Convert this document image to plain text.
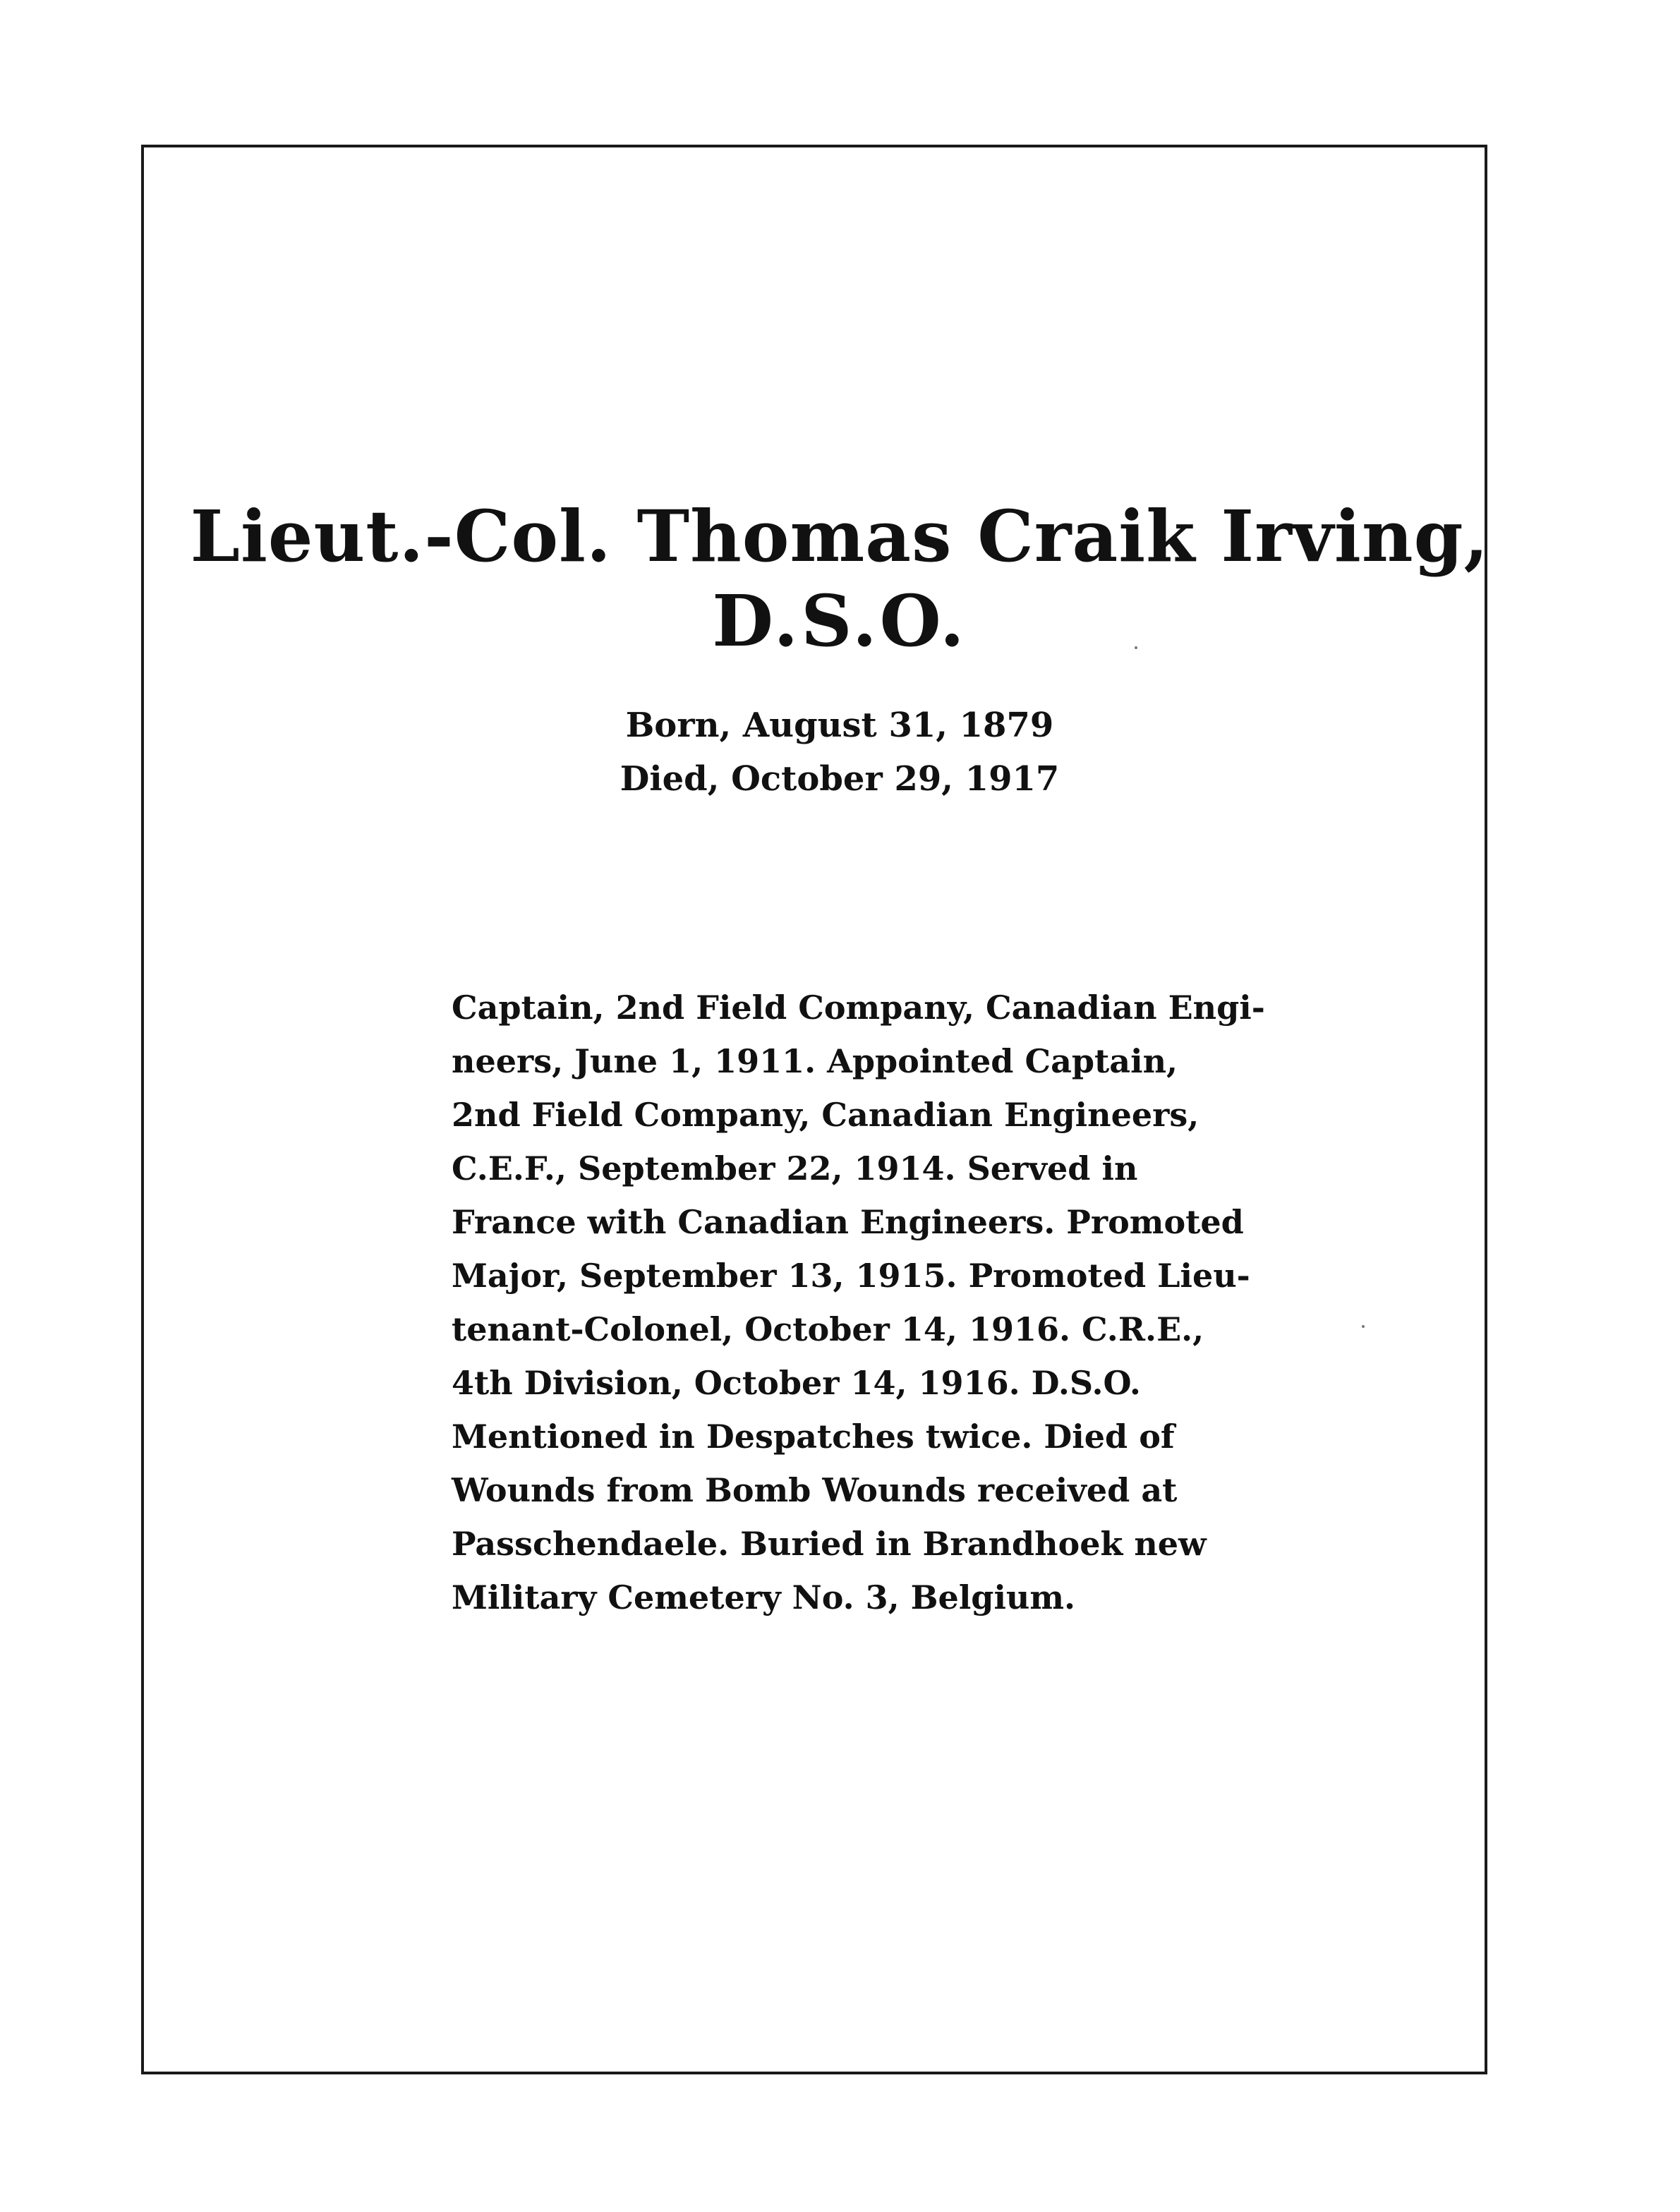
Lieut.-Col. Thomas Craik Irving,
D.S.O.
Born, August 31, 1879
Died, October 29, 1917
Captain, 2nd Field Company, Canadian Engi-
neers, June 1, 1911. Appointed Captain,
2nd Field Company, Canadian Engineers,
C.E.F., September 22, 1914. Served in
France with Canadian Engineers. Promoted
Major, September 13, 1915. Promoted Lieu-
tenant-Colonel, October 14, 1916. C.R.E.,
4th Division, October 14, 1916. D.S.O.
Mentioned in Despatches twice. Died of
Wounds from Bomb Wounds received at
Passchendaele. Buried in Brandhoek new
Military Cemetery No. 3, Belgium.
